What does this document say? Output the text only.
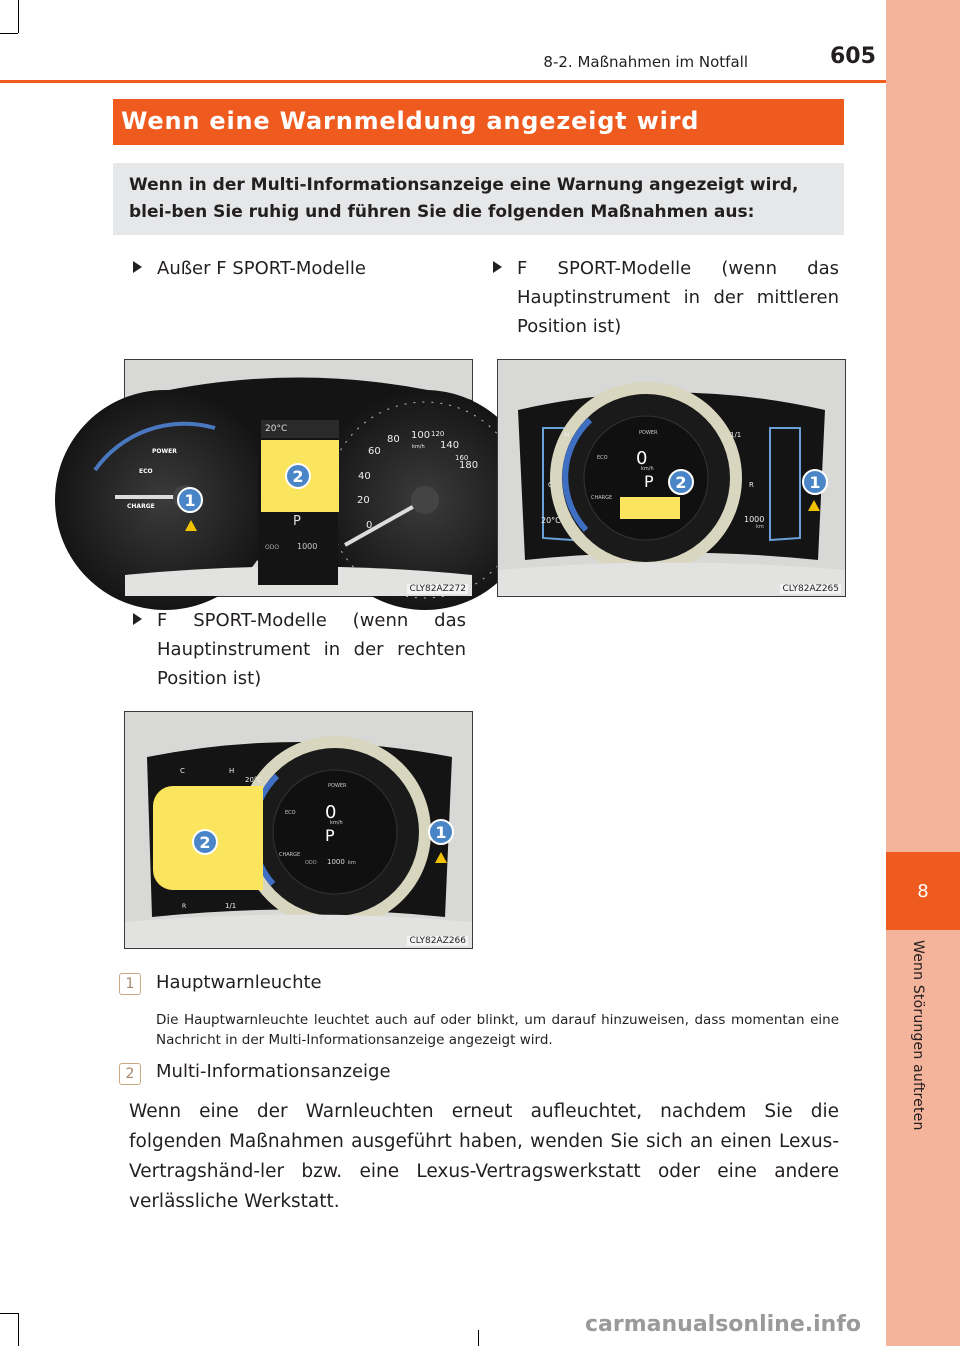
8
Wenn Störungen auftreten
8-2. Maßnahmen im Notfall	605
Wenn eine Warnmeldung angezeigt wird

Wenn in der Multi-Informationsanzeige eine Warnung angezeigt wird, blei-ben Sie ruhig und führen Sie die folgenden Maßnahmen aus:

Außer F SPORT-Modelle	F SPORT-Modelle (wenn das Hauptinstrument in der mittleren Position ist)
F SPORT-Modelle (wenn das Hauptinstrument in der rechten Position ist)
20°C
P
ODO 1000
POWER
ECO
CHARGE
0
20
40
60
80 100 120
140
160
180
km/h
1
2
CLY82AZ272
0
km/h
P
POWER
ECO
CHARGE
H
C
1/1
R
20°C	1000
km
2	1
CLY82AZ265
C	H
R	1/1
20°C
0
km/h
P
POWER
ECO
CHARGE
ODO 1000 km
2
1
CLY82AZ266
1	Hauptwarnleuchte
Die Hauptwarnleuchte leuchtet auch auf oder blinkt, um darauf hinzuweisen, dass momentan eine Nachricht in der Multi-Informationsanzeige angezeigt wird.
2	Multi-Informationsanzeige
Wenn eine der Warnleuchten erneut aufleuchtet, nachdem Sie die folgenden Maßnahmen ausgeführt haben, wenden Sie sich an einen Lexus-Vertragshänd-ler bzw. eine Lexus-Vertragswerkstatt oder eine andere verlässliche Werkstatt.
carmanualsonline.info
